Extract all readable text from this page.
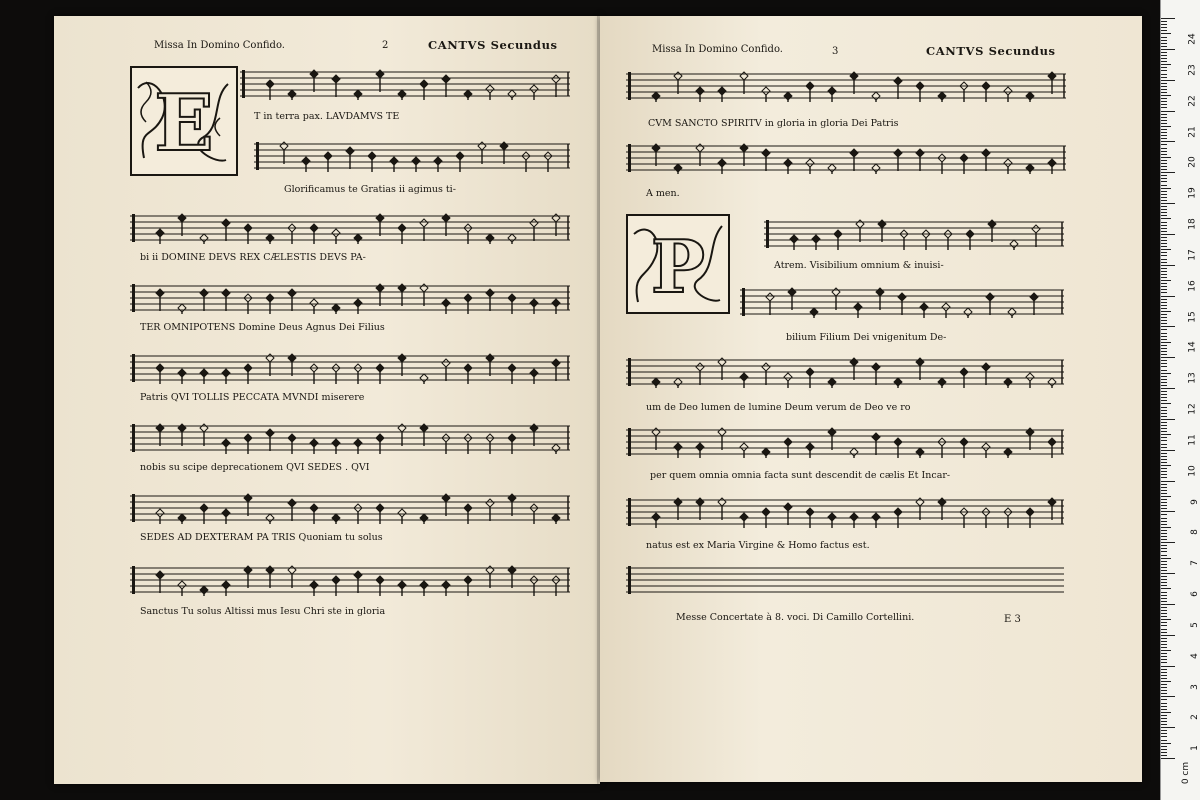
Missa In Domino Confido.	2	CANTVS Secundus
E	T in terra pax. LAVDAMVS TE
Glorificamus te Gratias ii agimus ti-
bi ii DOMINE DEVS REX CÆLESTIS DEVS PA-
TER OMNIPOTENS Domine Deus Agnus Dei Filius
Patris QVI TOLLIS PECCATA MVNDI miserere
nobis su scipe deprecationem QVI SEDES . QVI
SEDES AD DEXTERAM PA TRIS Quoniam tu solus
Sanctus Tu solus Altissi mus Iesu Chri ste in gloria
Missa In Domino Confido.	3	CANTVS Secundus
CVM SANCTO SPIRITV in gloria in gloria Dei Patris
A men.
P	Atrem. Visibilium omnium & inuisi-
bilium Filium Dei vnigenitum De-
um de Deo lumen de lumine Deum verum de Deo ve ro
per quem omnia omnia facta sunt descendit de cælis Et Incar-
natus est ex Maria Virgine & Homo factus est.
Messe Concertate à 8. voci. Di Camillo Cortellini.	E 3
0 cm
24
23
22
21
20
19
18
17
16
15
14
13
12
11
10
9
8
7
6
5
4
3
2
1
